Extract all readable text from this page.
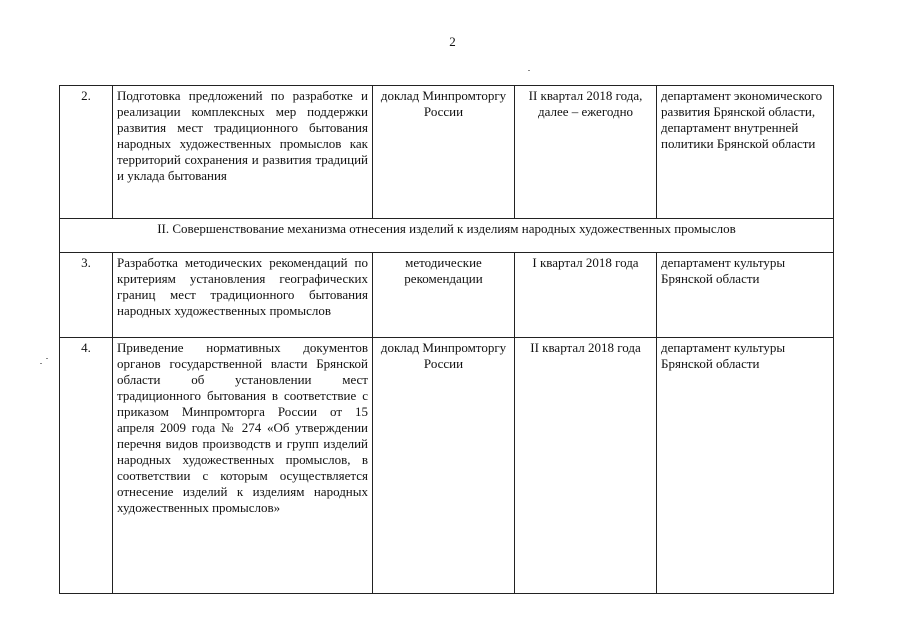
2
2.	Подготовка предложений по разработке и реализации комплексных мер поддержки развития мест традиционного бытования народных художественных промыслов как территорий сохранения и развития традиций и уклада бытования	доклад Минпромторгу России	II квартал 2018 года, далее – ежегодно	департамент экономического развития Брянской области, департамент внутренней политики Брянской области
II. Совершенствование механизма отнесения изделий к изделиям народных художественных промыслов				
3.	Разработка методических рекомендаций по критериям установления географических границ мест традиционного бытования народных художественных промыслов	методические рекомендации	I квартал 2018 года	департамент культуры Брянской области
4.	Приведение нормативных документов органов государственной власти Брянской области об установлении мест традиционного бытования в соответствие с приказом Минпромторга России от 15 апреля 2009 года № 274 «Об утверждении перечня видов производств и групп изделий народных художественных промыслов, в соответствии с которым осуществляется отнесение изделий к изделиям народных художественных промыслов»	доклад Минпромторгу России	II квартал 2018 года	департамент культуры Брянской области
